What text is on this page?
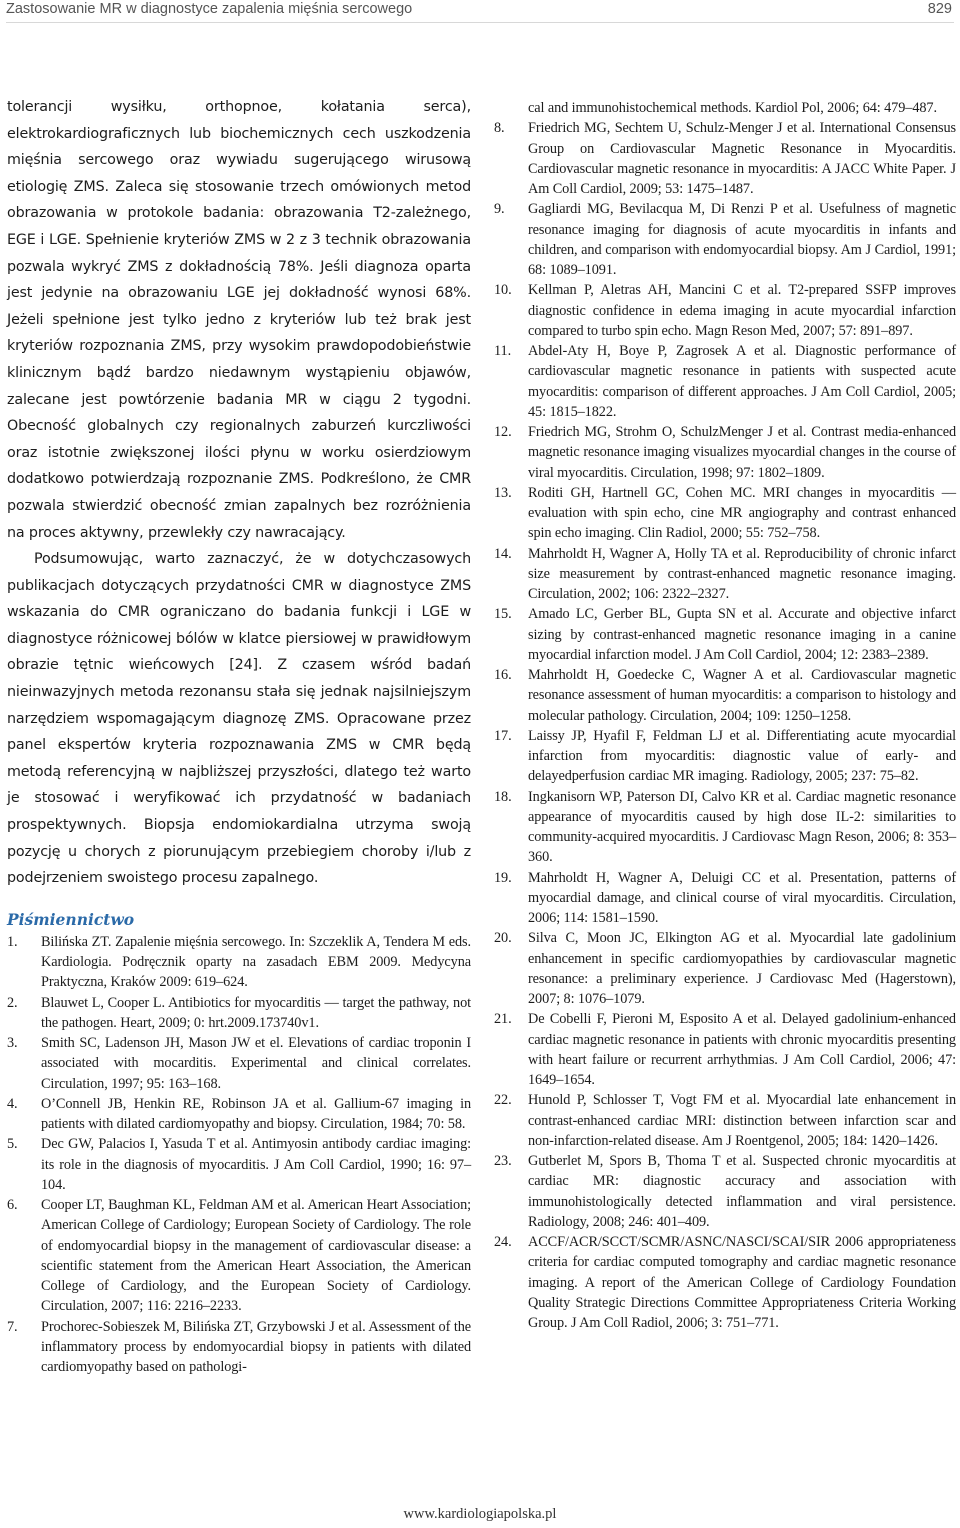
Zastosowanie MR w diagnostyce zapalenia mięśnia sercowego	829

tolerancji wysiłku, orthopnoe, kołatania serca), elektrokardiograficznych lub biochemicznych cech uszkodzenia mięśnia sercowego oraz wywiadu sugerującego wirusową etiologię ZMS. Zaleca się stosowanie trzech omówionych metod obrazowania w protokole badania: obrazowania T2-zależnego, EGE i LGE. Spełnienie kryteriów ZMS w 2 z 3 technik obrazowania pozwala wykryć ZMS z dokładnością 78%. Jeśli diagnoza oparta jest jedynie na obrazowaniu LGE jej dokładność wynosi 68%. Jeżeli spełnione jest tylko jedno z kryteriów lub też brak jest kryteriów rozpoznania ZMS, przy wysokim prawdopodobieństwie klinicznym bądź bardzo niedawnym wystąpieniu objawów, zalecane jest powtórzenie badania MR w ciągu 2 tygodni. Obecność globalnych czy regionalnych zaburzeń kurczliwości oraz istotnie zwiększonej ilości płynu w worku osierdziowym dodatkowo potwierdzają rozpoznanie ZMS. Podkreślono, że CMR pozwala stwierdzić obecność zmian zapalnych bez rozróżnienia na proces aktywny, przewlekły czy nawracający.

Podsumowując, warto zaznaczyć, że w dotychczasowych publikacjach dotyczących przydatności CMR w diagnostyce ZMS wskazania do CMR ograniczano do badania funkcji i LGE w diagnostyce różnicowej bólów w klatce piersiowej w prawidłowym obrazie tętnic wieńcowych [24]. Z czasem wśród badań nieinwazyjnych metoda rezonansu stała się jednak najsilniejszym narzędziem wspomagającym diagnozę ZMS. Opracowane przez panel ekspertów kryteria rozpoznawania ZMS w CMR będą metodą referencyjną w najbliższej przyszłości, dlatego też warto je stosować i weryfikować ich przydatność w badaniach prospektywnych. Biopsja endomiokardialna utrzyma swoją pozycję u chorych z piorunującym przebiegiem choroby i/lub z podejrzeniem swoistego procesu zapalnego.

Piśmiennictwo
1. Bilińska ZT. Zapalenie mięśnia sercowego. In: Szczeklik A, Tendera M eds. Kardiologia. Podręcznik oparty na zasadach EBM 2009. Medycyna Praktyczna, Kraków 2009: 619–624.
2. Blauwet L, Cooper L. Antibiotics for myocarditis — target the pathway, not the pathogen. Heart, 2009; 0: hrt.2009.173740v1.
3. Smith SC, Ladenson JH, Mason JW et el. Elevations of cardiac troponin I associated with mocarditis. Experimental and clinical correlates. Circulation, 1997; 95: 163–168.
4. O’Connell JB, Henkin RE, Robinson JA et al. Gallium-67 imaging in patients with dilated cardiomyopathy and biopsy. Circulation, 1984; 70: 58.
5. Dec GW, Palacios I, Yasuda T et al. Antimyosin antibody cardiac imaging: its role in the diagnosis of myocarditis. J Am Coll Cardiol, 1990; 16: 97–104.
6. Cooper LT, Baughman KL, Feldman AM et al. American Heart Association; American College of Cardiology; European Society of Cardiology. The role of endomyocardial biopsy in the management of cardiovascular disease: a scientific statement from the American Heart Association, the American College of Cardiology, and the European Society of Cardiology. Circulation, 2007; 116: 2216–2233.
7. Prochorec-Sobieszek M, Bilińska ZT, Grzybowski J et al. Assessment of the inflammatory process by endomyocardial biopsy in patients with dilated cardiomyopathy based on pathologi-
cal and immunohistochemical methods. Kardiol Pol, 2006; 64: 479–487.
8. Friedrich MG, Sechtem U, Schulz-Menger J et al. International Consensus Group on Cardiovascular Magnetic Resonance in Myocarditis. Cardiovascular magnetic resonance in myocarditis: A JACC White Paper. J Am Coll Cardiol, 2009; 53: 1475–1487.
9. Gagliardi MG, Bevilacqua M, Di Renzi P et al. Usefulness of magnetic resonance imaging for diagnosis of acute myocarditis in infants and children, and comparison with endomyocardial biopsy. Am J Cardiol, 1991; 68: 1089–1091.
10. Kellman P, Aletras AH, Mancini C et al. T2-prepared SSFP improves diagnostic confidence in edema imaging in acute myocardial infarction compared to turbo spin echo. Magn Reson Med, 2007; 57: 891–897.
11. Abdel-Aty H, Boye P, Zagrosek A et al. Diagnostic performance of cardiovascular magnetic resonance in patients with suspected acute myocarditis: comparison of different approaches. J Am Coll Cardiol, 2005; 45: 1815–1822.
12. Friedrich MG, Strohm O, SchulzMenger J et al. Contrast media-enhanced magnetic resonance imaging visualizes myocardial changes in the course of viral myocarditis. Circulation, 1998; 97: 1802–1809.
13. Roditi GH, Hartnell GC, Cohen MC. MRI changes in myocarditis — evaluation with spin echo, cine MR angiography and contrast enhanced spin echo imaging. Clin Radiol, 2000; 55: 752–758.
14. Mahrholdt H, Wagner A, Holly TA et al. Reproducibility of chronic infarct size measurement by contrast-enhanced magnetic resonance imaging. Circulation, 2002; 106: 2322–2327.
15. Amado LC, Gerber BL, Gupta SN et al. Accurate and objective infarct sizing by contrast-enhanced magnetic resonance imaging in a canine myocardial infarction model. J Am Coll Cardiol, 2004; 12: 2383–2389.
16. Mahrholdt H, Goedecke C, Wagner A et al. Cardiovascular magnetic resonance assessment of human myocarditis: a comparison to histology and molecular pathology. Circulation, 2004; 109: 1250–1258.
17. Laissy JP, Hyafil F, Feldman LJ et al. Differentiating acute myocardial infarction from myocarditis: diagnostic value of early- and delayedperfusion cardiac MR imaging. Radiology, 2005; 237: 75–82.
18. Ingkanisorn WP, Paterson DI, Calvo KR et al. Cardiac magnetic resonance appearance of myocarditis caused by high dose IL-2: similarities to community-acquired myocarditis. J Cardiovasc Magn Reson, 2006; 8: 353–360.
19. Mahrholdt H, Wagner A, Deluigi CC et al. Presentation, patterns of myocardial damage, and clinical course of viral myocarditis. Circulation, 2006; 114: 1581–1590.
20. Silva C, Moon JC, Elkington AG et al. Myocardial late gadolinium enhancement in specific cardiomyopathies by cardiovascular magnetic resonance: a preliminary experience. J Cardiovasc Med (Hagerstown), 2007; 8: 1076–1079.
21. De Cobelli F, Pieroni M, Esposito A et al. Delayed gadolinium-enhanced cardiac magnetic resonance in patients with chronic myocarditis presenting with heart failure or recurrent arrhythmias. J Am Coll Cardiol, 2006; 47: 1649–1654.
22. Hunold P, Schlosser T, Vogt FM et al. Myocardial late enhancement in contrast-enhanced cardiac MRI: distinction between infarction scar and non-infarction-related disease. Am J Roentgenol, 2005; 184: 1420–1426.
23. Gutberlet M, Spors B, Thoma T et al. Suspected chronic myocarditis at cardiac MR: diagnostic accuracy and association with immunohistologically detected inflammation and viral persistence. Radiology, 2008; 246: 401–409.
24. ACCF/ACR/SCCT/SCMR/ASNC/NASCI/SCAI/SIR 2006 appropriateness criteria for cardiac computed tomography and cardiac magnetic resonance imaging. A report of the American College of Cardiology Foundation Quality Strategic Directions Committee Appropriateness Criteria Working Group. J Am Coll Radiol, 2006; 3: 751–771.
www.kardiologiapolska.pl
